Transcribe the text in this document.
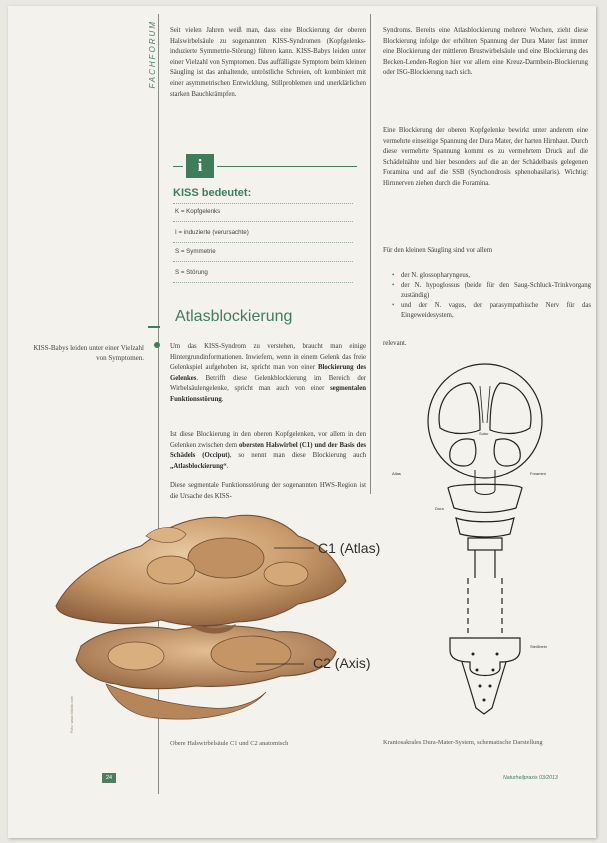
FACHFORUM Seit vielen Jahren weiß man, dass eine Blockierung der oberen Halswirbelsäule zu sogenannten KISS-Syndromen (Kopfgelenks-induzierte Symmetrie-Störung) führen kann. KISS-Babys leiden unter einer Vielzahl von Symptomen. Das auffälligste Symptom beim kleinen Säugling ist das anhaltende, untröstliche Schreien, oft kombiniert mit einer asymmetrischen Entwicklung, Stillproblemen und unerklärlichen starken Bauchkrämpfen.

i
KISS bedeutet:
K = Kopfgelenks
I = induzierte (verursachte)
S = Symmetrie
S = Störung
Atlasblockierung
KISS-Babys leiden unter einer Vielzahl von Symptomen.

Um das KISS-Syndrom zu verstehen, braucht man einige Hintergrundinformationen. Inwiefern, wenn in einem Gelenk das freie Gelenkspiel aufgehoben ist, spricht man von einer Blockierung des Gelenkes. Betrifft diese Gelenkblockierung im Bereich der Wirbelsäulengelenke, spricht man auch von einer segmentalen Funktionsstörung.

Ist diese Blockierung in den oberen Kopfgelenken, vor allem in den Gelenken zwischen dem obersten Halswirbel (C1) und der Basis des Schädels (Occiput), so nennt man diese Blockierung auch „Atlasblockierung“.

Diese segmentale Funktionsstörung der sogenannten HWS-Region ist die Ursache des KISS-

C1 (Atlas)
C2 (Axis)
Foto: www.fotolia.com
Obere Halswirbelsäule C1 und C2 anatomisch

Syndroms. Bereits eine Atlasblockierung mehrere Wochen, zieht diese Blockierung infolge der erhöhten Spannung der Dura Mater fast immer eine Blockierung der mittleren Brustwirbelsäule und eine Blockierung des Becken-Lenden-Region hier vor allem eine Kreuz-Darmbein-Blockierung oder ISG-Blockierung nach sich.

Eine Blockierung der oberen Kopfgelenke bewirkt unter anderem eine vermehrte einseitige Spannung der Dura Mater, der harten Hirnhaut. Durch diese vermehrte Spannung kommt es zu vermehrtem Druck auf die Schädelnähte und hier besonders auf die an der Schädelbasis gelegenen Foramina und auf die SSB (Synchondrosis sphenobasilaris). Wichtig: Hirnnerven ziehen durch die Foramina.

Für den kleinen Säugling sind vor allem

• der N. glossopharyngeus,
• der N. hypoglossus (beide für den Saug-Schluck-Trinkvorgang zuständig)
• und der N. vagus, der parasympathische Nerv für das Eingeweidesystem,

relevant.

Sutur
Atlas	Foramen
Dura
Steißbein
Kraniosakrales Dura-Mater-System, schematische Darstellung
24	Naturheilpraxis 03/2013
